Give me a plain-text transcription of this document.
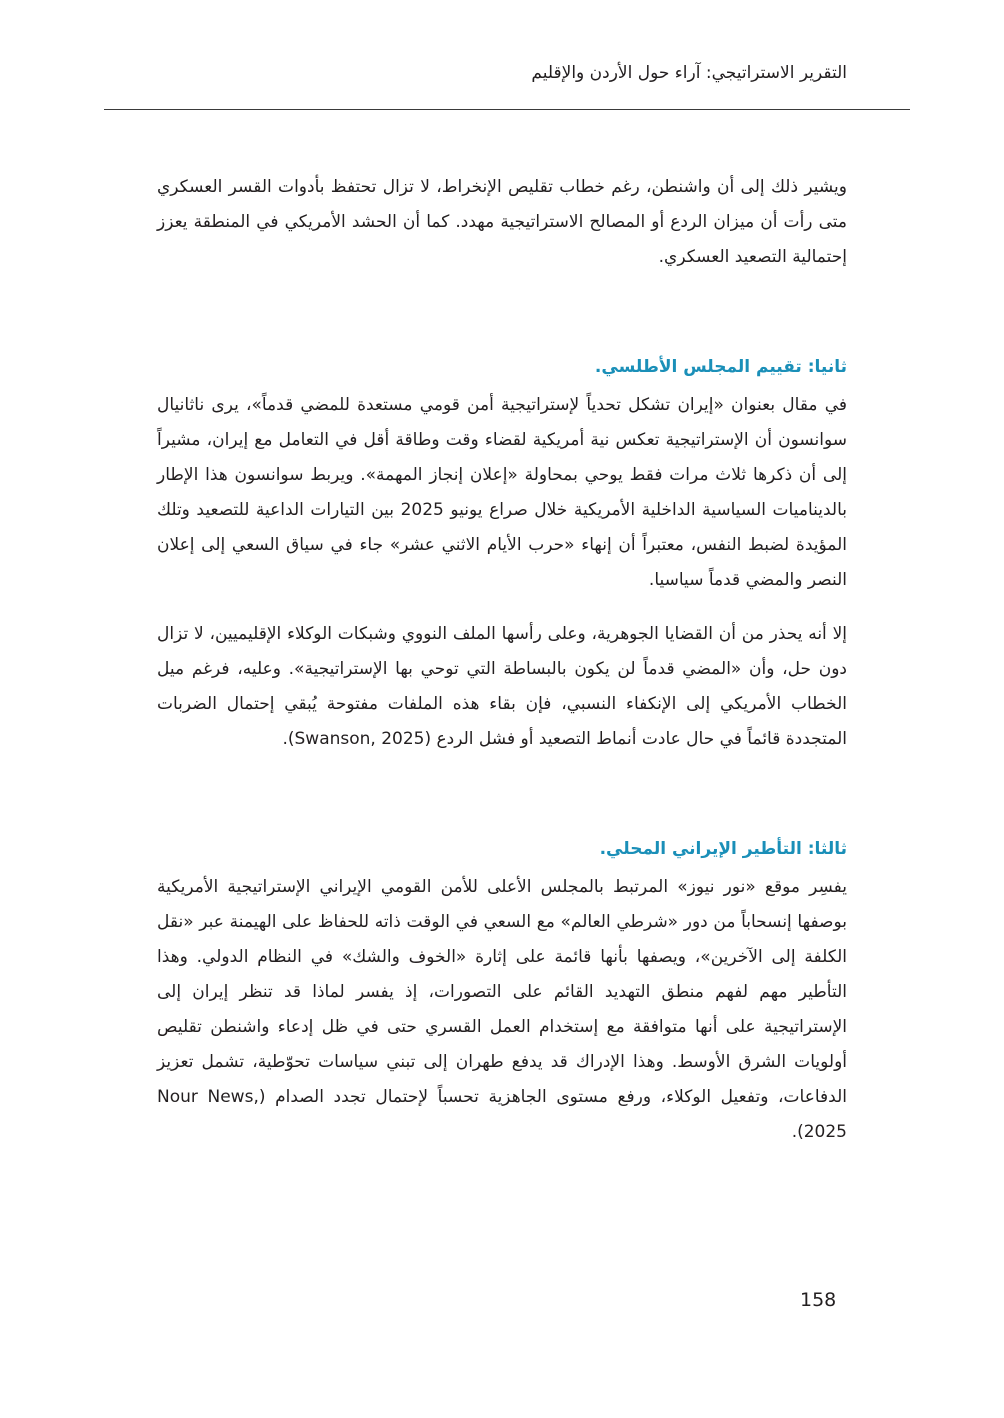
التقرير الاستراتيجي: آراء حول الأردن والإقليم

ويشير ذلك إلى أن واشنطن، رغم خطاب تقليص الإنخراط، لا تزال تحتفظ بأدوات القسر العسكري متى رأت أن ميزان الردع أو المصالح الاستراتيجية مهدد. كما أن الحشد الأمريكي في المنطقة يعزز إحتمالية التصعيد العسكري.

ثانيا: تقييم المجلس الأطلسي.

في مقال بعنوان «إيران تشكل تحدياً لإستراتيجية أمن قومي مستعدة للمضي قدماً»، يرى ناثانيال سوانسون أن الإستراتيجية تعكس نية أمريكية لقضاء وقت وطاقة أقل في التعامل مع إيران، مشيراً إلى أن ذكرها ثلاث مرات فقط يوحي بمحاولة «إعلان إنجاز المهمة». ويربط سوانسون هذا الإطار بالديناميات السياسية الداخلية الأمريكية خلال صراع يونيو 2025 بين التيارات الداعية للتصعيد وتلك المؤيدة لضبط النفس، معتبراً أن إنهاء «حرب الأيام الاثني عشر» جاء في سياق السعي إلى إعلان النصر والمضي قدماً سياسيا.

إلا أنه يحذر من أن القضايا الجوهرية، وعلى رأسها الملف النووي وشبكات الوكلاء الإقليميين، لا تزال دون حل، وأن «المضي قدماً لن يكون بالبساطة التي توحي بها الإستراتيجية». وعليه، فرغم ميل الخطاب الأمريكي إلى الإنكفاء النسبي، فإن بقاء هذه الملفات مفتوحة يُبقي إحتمال الضربات المتجددة قائماً في حال عادت أنماط التصعيد أو فشل الردع (Swanson, 2025).

ثالثا: التأطير الإيراني المحلي.

يفسِر موقع «نور نيوز» المرتبط بالمجلس الأعلى للأمن القومي الإيراني الإستراتيجية الأمريكية بوصفها إنسحاباً من دور «شرطي العالم» مع السعي في الوقت ذاته للحفاظ على الهيمنة عبر «نقل الكلفة إلى الآخرين»، ويصفها بأنها قائمة على إثارة «الخوف والشك» في النظام الدولي. وهذا التأطير مهم لفهم منطق التهديد القائم على التصورات، إذ يفسر لماذا قد تنظر إيران إلى الإستراتيجية على أنها متوافقة مع إستخدام العمل القسري حتى في ظل إدعاء واشنطن تقليص أولويات الشرق الأوسط. وهذا الإدراك قد يدفع طهران إلى تبني سياسات تحوّطية، تشمل تعزيز الدفاعات، وتفعيل الوكلاء، ورفع مستوى الجاهزية تحسباً لإحتمال تجدد الصدام (Nour News, 2025).

158
